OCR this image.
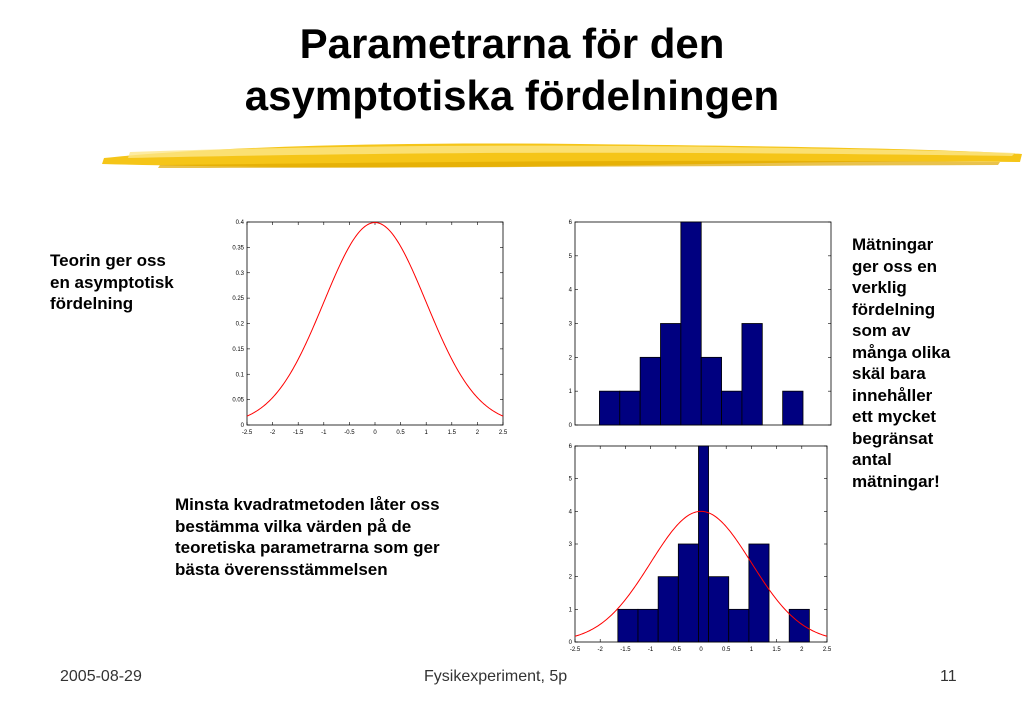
Parametrarna för den
asymptotiska fördelningen
Teorin ger oss
en asymptotisk
fördelning
Minsta kvadratmetoden låter oss
bestämma vilka värden på de
teoretiska parametrarna som ger
bästa överensstämmelsen
Mätningar
ger oss en
verklig
fördelning
som av
många olika
skäl bara
innehåller
ett mycket
begränsat
antal
mätningar!
0
0.05
0.1
0.15
0.2
0.25
0.3
0.35
0.4
-2.5	-2	-1.5	-1	-0.5	0	0.5	1	1.5	2	2.5
0
1
2
3
4
5
6
0
1
2
3
4
5
6
-2.5	-2	-1.5	-1	-0.5	0	0.5	1	1.5	2	2.5
2005-08-29	Fysikexperiment, 5p	11
